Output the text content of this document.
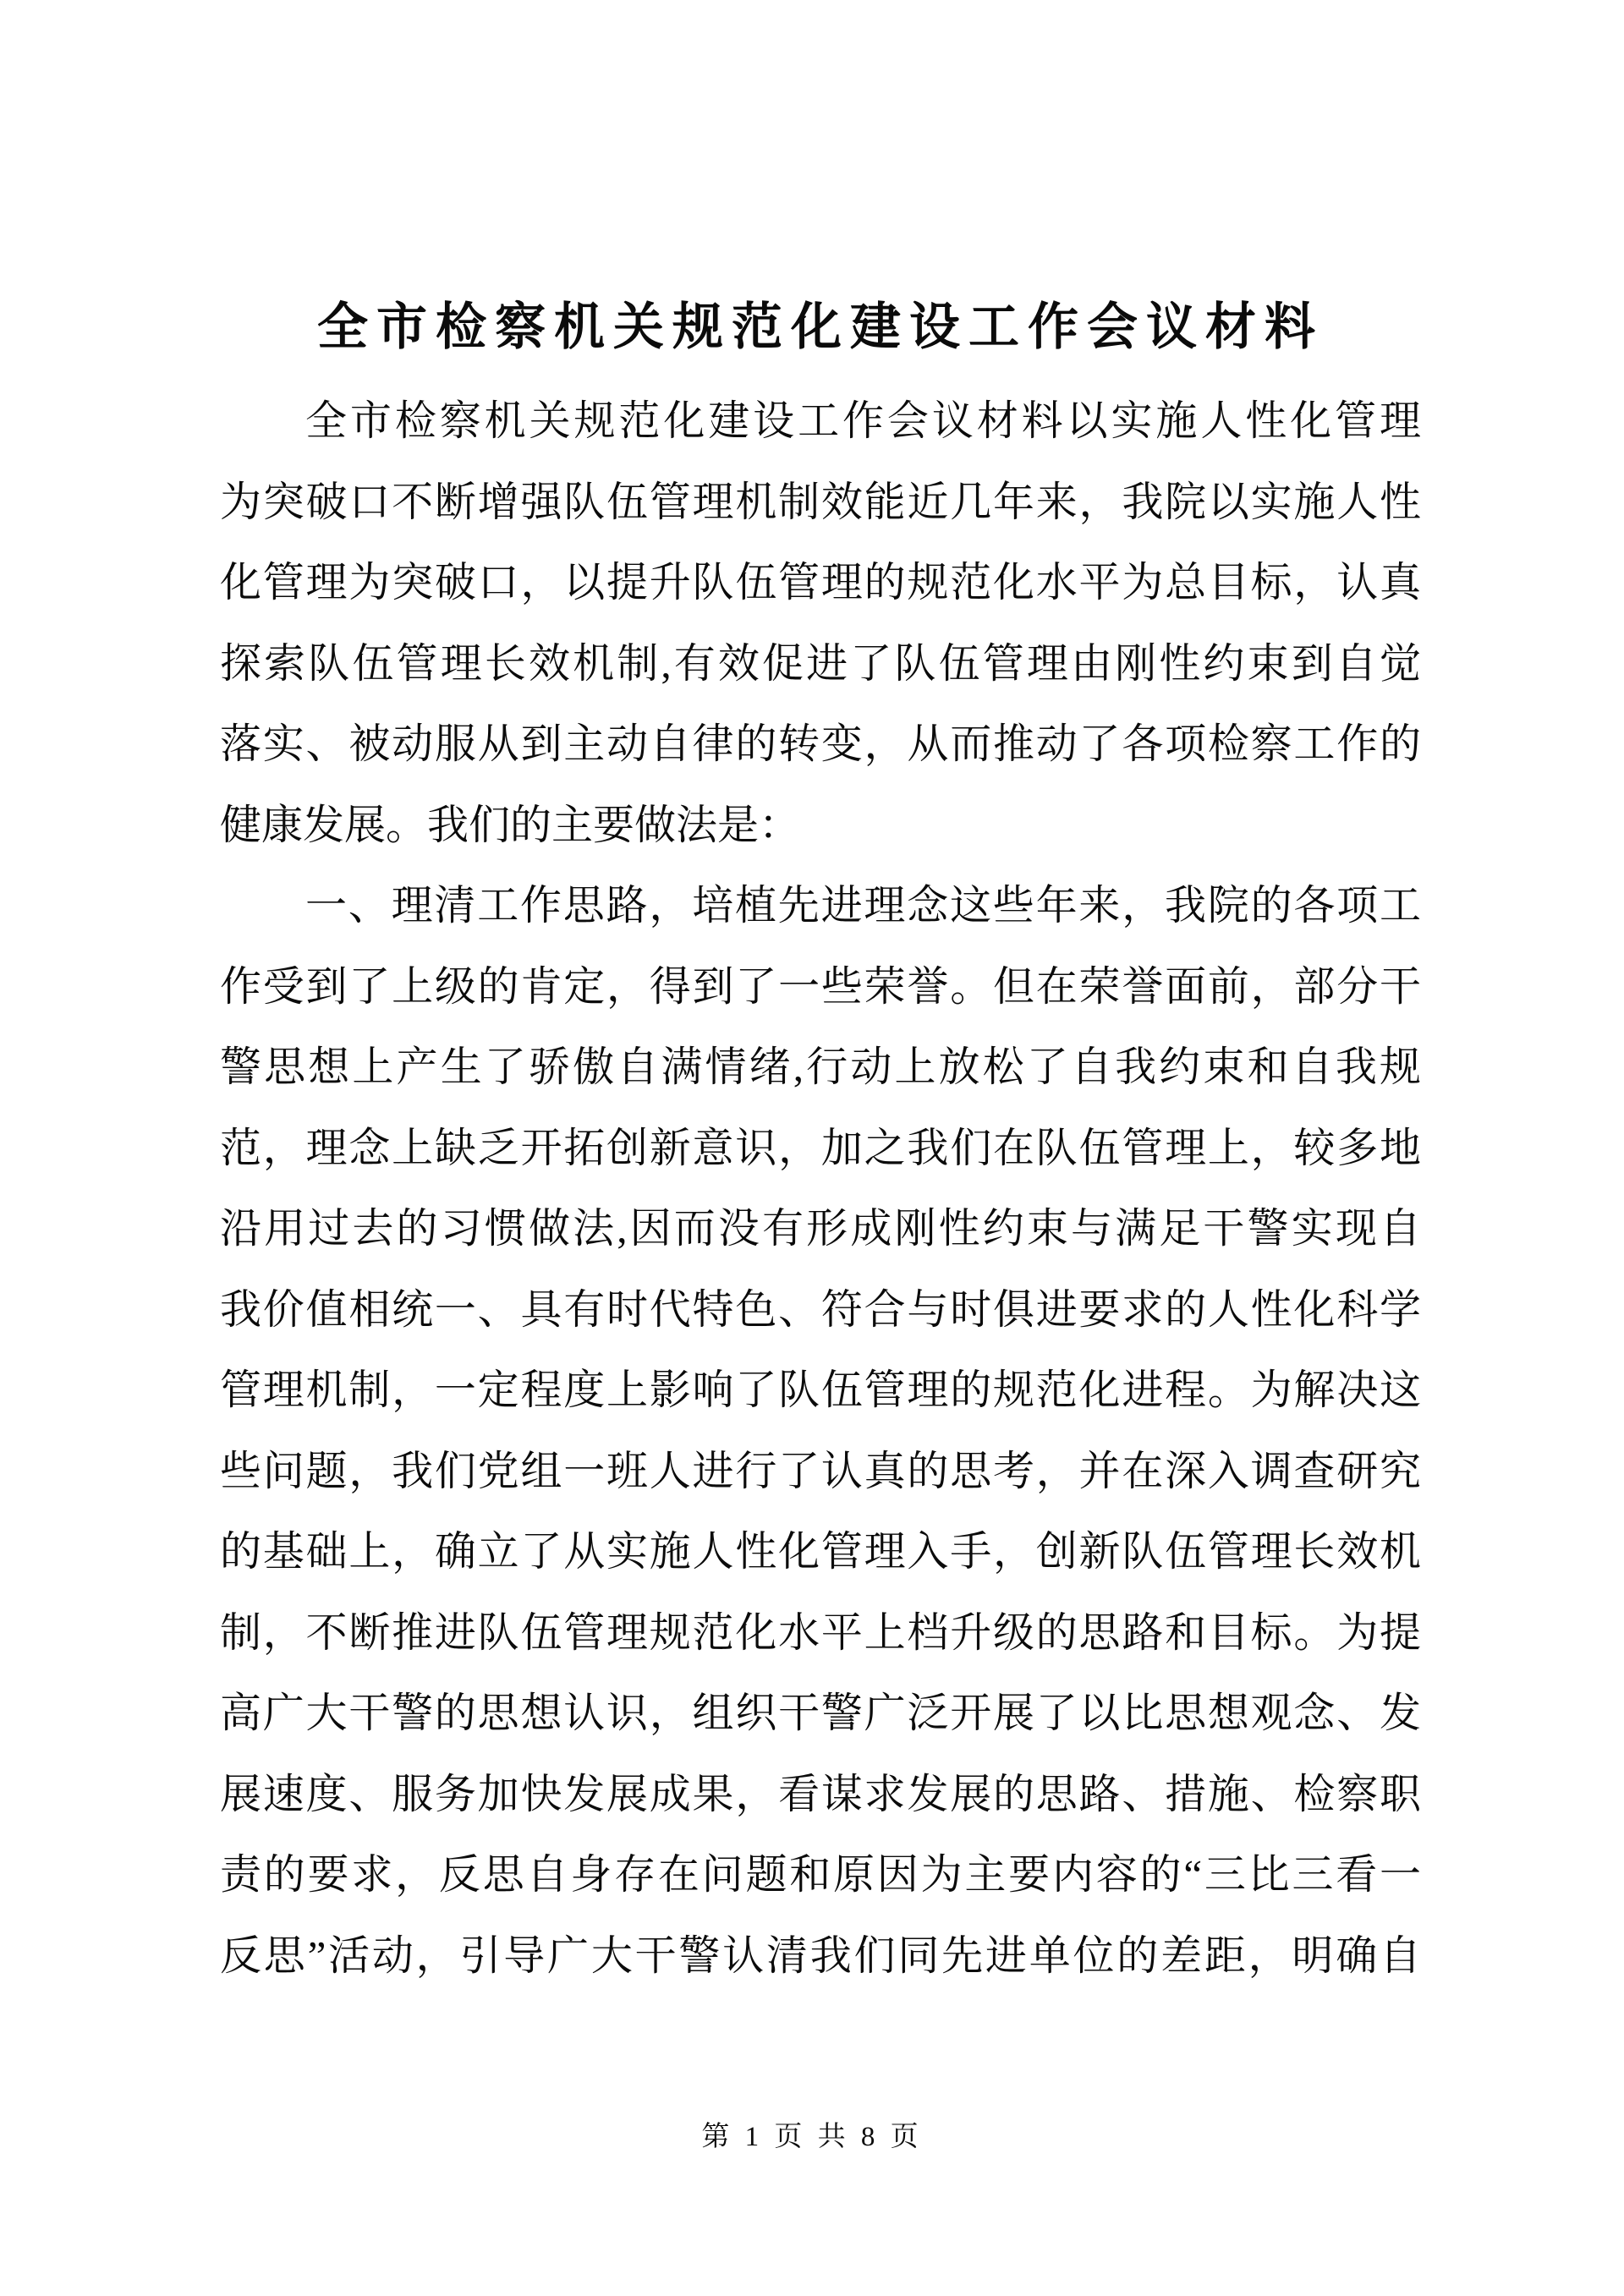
全市检察机关规范化建设工作会议材料
全市检察机关规范化建设工作会议材料以实施人性化管理
为突破口不断增强队伍管理机制效能近几年来，我院以实施人性
化管理为突破口，以提升队伍管理的规范化水平为总目标，认真
探索队伍管理长效机制,有效促进了队伍管理由刚性约束到自觉
落实、被动服从到主动自律的转变，从而推动了各项检察工作的
健康发展。我们的主要做法是：
一、理清工作思路，培植先进理念这些年来，我院的各项工
作受到了上级的肯定，得到了一些荣誉。但在荣誉面前，部分干
警思想上产生了骄傲自满情绪,行动上放松了自我约束和自我规
范，理念上缺乏开拓创新意识，加之我们在队伍管理上，较多地
沿用过去的习惯做法,因而没有形成刚性约束与满足干警实现自
我价值相统一、具有时代特色、符合与时俱进要求的人性化科学
管理机制，一定程度上影响了队伍管理的规范化进程。为解决这
些问题，我们党组一班人进行了认真的思考，并在深入调查研究
的基础上，确立了从实施人性化管理入手，创新队伍管理长效机
制，不断推进队伍管理规范化水平上档升级的思路和目标。为提
高广大干警的思想认识，组织干警广泛开展了以比思想观念、发
展速度、服务加快发展成果，看谋求发展的思路、措施、检察职
责的要求，反思自身存在问题和原因为主要内容的“三比三看一
反思”活动，引导广大干警认清我们同先进单位的差距，明确自
第 1 页 共 8 页
